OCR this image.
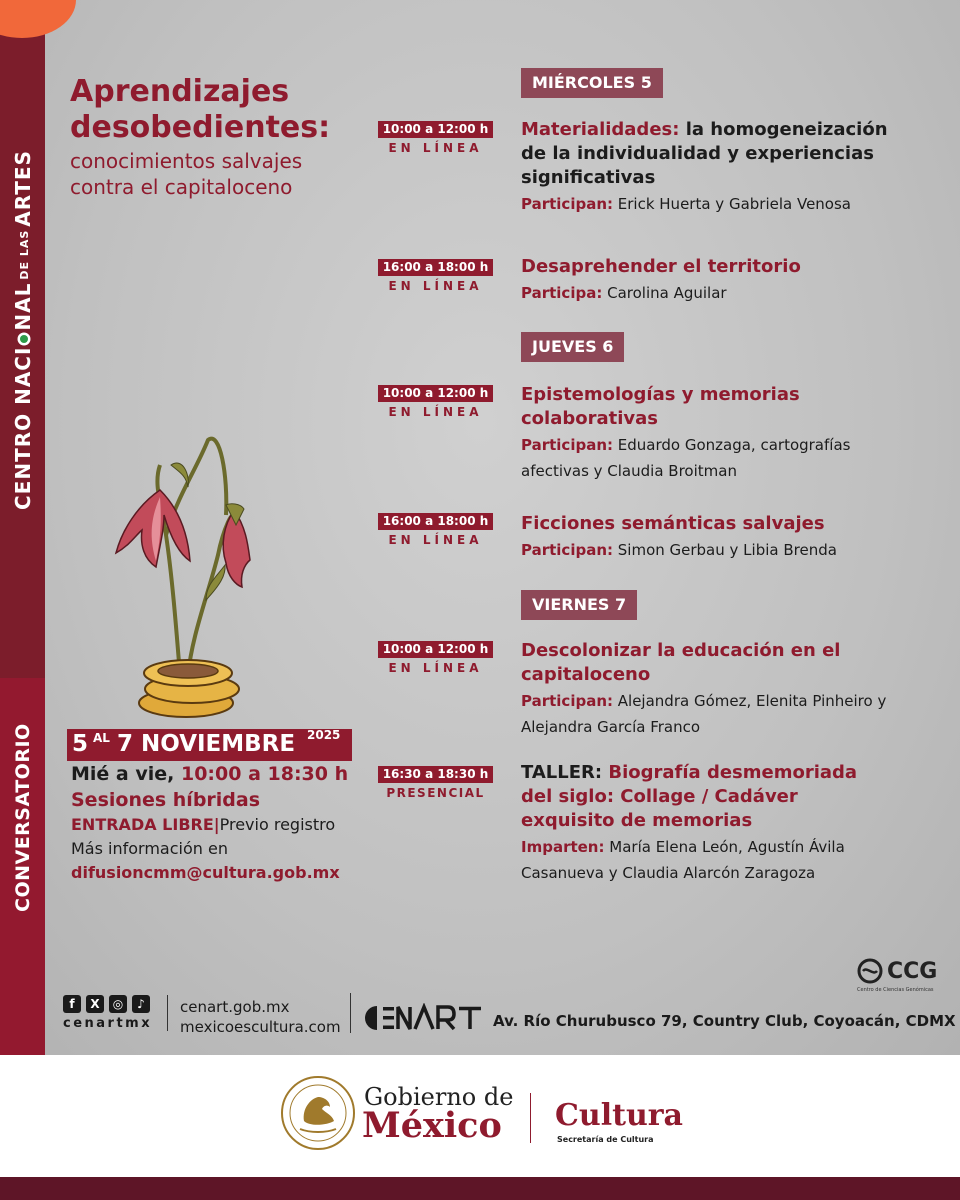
CENTRO NACINALDE LASARTES
CONVERSATORIO
Aprendizajes desobedientes:
conocimientos salvajes contra el capitaloceno
5 AL 7 NOVIEMBRE 2025
Mié a vie, 10:00 a 18:30 h
Sesiones híbridas
ENTRADA LIBRE|Previo registro
Más información en
difusioncmm@cultura.gob.mx
MIÉRCOLES 5
JUEVES 6
VIERNES 7
10:00 a 12:00 h
EN LÍNEA
Materialidades: la homogeneización de la individualidad y experiencias significativas
Participan: Erick Huerta y Gabriela Venosa
16:00 a 18:00 h
EN LÍNEA
Desaprehender el territorio
Participa: Carolina Aguilar
10:00 a 12:00 h
EN LÍNEA
Epistemologías y memorias colaborativas
Participan: Eduardo Gonzaga, cartografías afectivas y Claudia Broitman
16:00 a 18:00 h
EN LÍNEA
Ficciones semánticas salvajes
Participan: Simon Gerbau y Libia Brenda
10:00 a 12:00 h
EN LÍNEA
Descolonizar la educación en el capitaloceno
Participan: Alejandra Gómez, Elenita Pinheiro y Alejandra García Franco
16:30 a 18:30 h
PRESENCIAL
TALLER: Biografía desmemoriada del siglo: Collage / Cadáver exquisito de memorias
Imparten: María Elena León, Agustín Ávila Casanueva y Claudia Alarcón Zaragoza
CCG
Centro de Ciencias Genómicas
f	X	◎	♪
cenartmx
cenart.gob.mx
mexicoescultura.com	Av. Río Churubusco 79, Country Club, Coyoacán, CDMX
Gobierno de
México Cultura
Secretaría de Cultura
